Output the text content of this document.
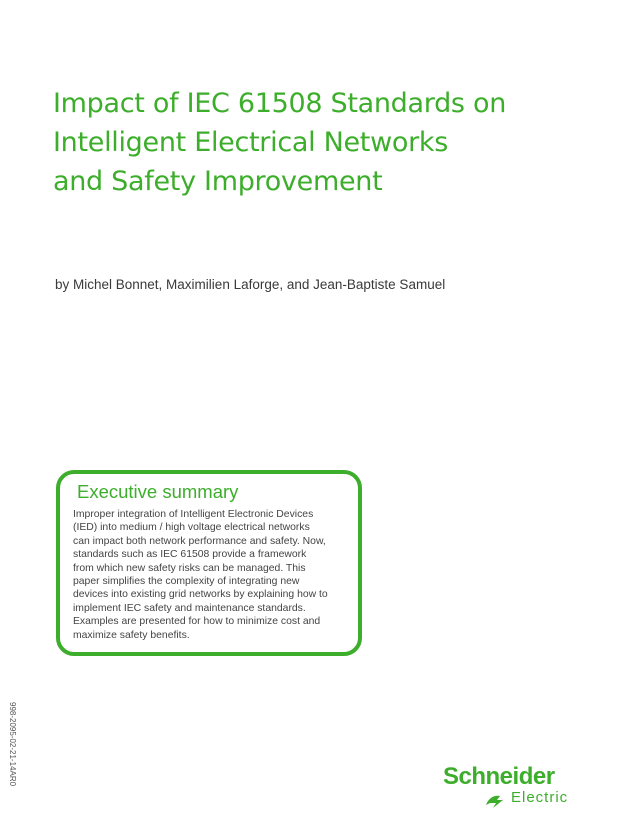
Impact of IEC 61508 Standards on
Intelligent Electrical Networks
and Safety Improvement
by Michel Bonnet, Maximilien Laforge, and Jean-Baptiste Samuel
Executive summary
Improper integration of Intelligent Electronic Devices
(IED) into medium / high voltage electrical networks
can impact both network performance and safety. Now,
standards such as IEC 61508 provide a framework
from which new safety risks can be managed. This
paper simplifies the complexity of integrating new
devices into existing grid networks by explaining how to
implement IEC safety and maintenance standards.
Examples are presented for how to minimize cost and
maximize safety benefits.
998-2095-02-21-14AR0	Schneider
Electric
